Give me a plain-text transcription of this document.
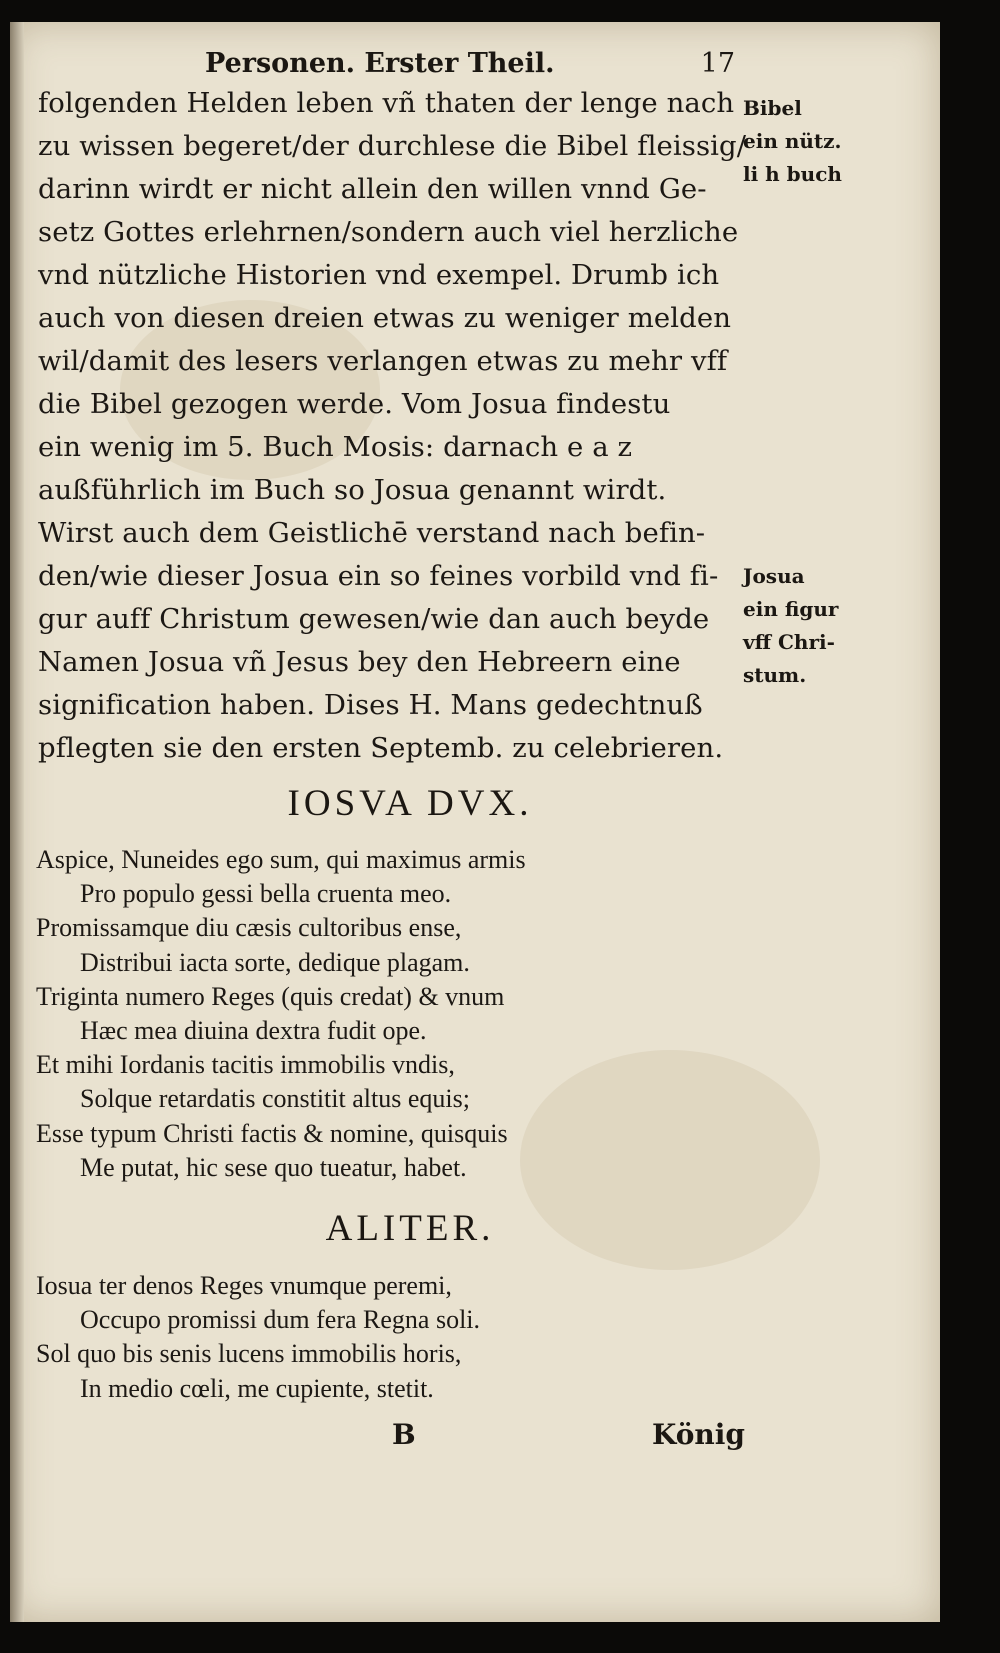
Personen. Erster Theil.	17
folgenden Helden leben vñ thaten der lenge nach
zu wissen begeret/der durchlese die Bibel fleissig/
darinn wirdt er nicht allein den willen vnnd Ge-
setz Gottes erlehrnen/sondern auch viel herzliche
vnd nützliche Historien vnd exempel. Drumb ich
auch von diesen dreien etwas zu weniger melden
wil/damit des lesers verlangen etwas zu mehr vff
die Bibel gezogen werde. Vom Josua findestu
ein wenig im 5. Buch Mosis: darnach e a z
außführlich im Buch so Josua genannt wirdt.
Wirst auch dem Geistlichē verstand nach befin-
den/wie dieser Josua ein so feines vorbild vnd fi-
gur auff Christum gewesen/wie dan auch beyde
Namen Josua vñ Jesus bey den Hebreern eine
signification haben. Dises H. Mans gedechtnuß
pflegten sie den ersten Septemb. zu celebrieren.
Bibel
ein nütz.
li h buch
Josua
ein figur
vff Chri-
stum.
IOSVA DVX.
Aspice, Nuneides ego sum, qui maximus armis
Pro populo gessi bella cruenta meo.
Promissamque diu cæsis cultoribus ense,
Distribui iacta sorte, dedique plagam.
Triginta numero Reges (quis credat) & vnum
Hæc mea diuina dextra fudit ope.
Et mihi Iordanis tacitis immobilis vndis,
Solque retardatis constitit altus equis;
Esse typum Christi factis & nomine, quisquis
Me putat, hic sese quo tueatur, habet.
ALITER.
Iosua ter denos Reges vnumque peremi,
Occupo promissi dum fera Regna soli.
Sol quo bis senis lucens immobilis horis,
In medio cœli, me cupiente, stetit.
B	König
